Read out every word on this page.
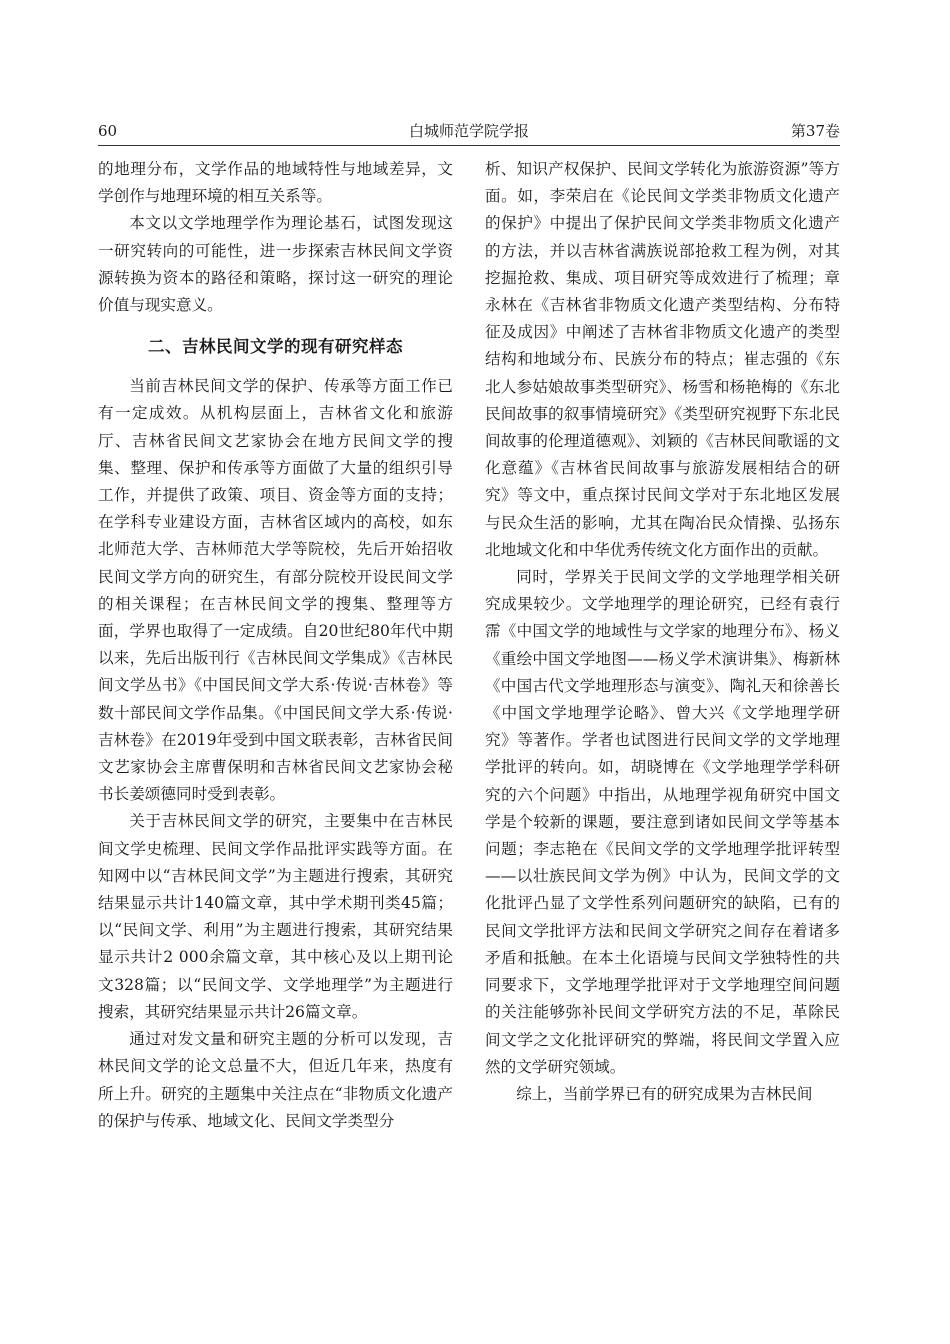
60	白城师范学院学报	第37卷

的地理分布，文学作品的地域特性与地域差异，文学创作与地理环境的相互关系等。

本文以文学地理学作为理论基石，试图发现这一研究转向的可能性，进一步探索吉林民间文学资源转换为资本的路径和策略，探讨这一研究的理论价值与现实意义。

二、吉林民间文学的现有研究样态

当前吉林民间文学的保护、传承等方面工作已有一定成效。从机构层面上，吉林省文化和旅游厅、吉林省民间文艺家协会在地方民间文学的搜集、整理、保护和传承等方面做了大量的组织引导工作，并提供了政策、项目、资金等方面的支持；在学科专业建设方面，吉林省区域内的高校，如东北师范大学、吉林师范大学等院校，先后开始招收民间文学方向的研究生，有部分院校开设民间文学的相关课程；在吉林民间文学的搜集、整理等方面，学界也取得了一定成绩。自20世纪80年代中期以来，先后出版刊行《吉林民间文学集成》《吉林民间文学丛书》《中国民间文学大系·传说·吉林卷》等数十部民间文学作品集。《中国民间文学大系·传说·吉林卷》在2019年受到中国文联表彰，吉林省民间文艺家协会主席曹保明和吉林省民间文艺家协会秘书长姜颂德同时受到表彰。

关于吉林民间文学的研究，主要集中在吉林民间文学史梳理、民间文学作品批评实践等方面。在知网中以“吉林民间文学”为主题进行搜索，其研究结果显示共计140篇文章，其中学术期刊类45篇；以“民间文学、利用”为主题进行搜索，其研究结果显示共计2 000余篇文章，其中核心及以上期刊论文328篇；以“民间文学、文学地理学”为主题进行搜索，其研究结果显示共计26篇文章。

通过对发文量和研究主题的分析可以发现，吉林民间文学的论文总量不大，但近几年来，热度有所上升。研究的主题集中关注点在“非物质文化遗产的保护与传承、地域文化、民间文学类型分

析、知识产权保护、民间文学转化为旅游资源”等方面。如，李荣启在《论民间文学类非物质文化遗产的保护》中提出了保护民间文学类非物质文化遗产的方法，并以吉林省满族说部抢救工程为例，对其挖掘抢救、集成、项目研究等成效进行了梳理；章永林在《吉林省非物质文化遗产类型结构、分布特征及成因》中阐述了吉林省非物质文化遗产的类型结构和地域分布、民族分布的特点；崔志强的《东北人参姑娘故事类型研究》、杨雪和杨艳梅的《东北民间故事的叙事情境研究》《类型研究视野下东北民间故事的伦理道德观》、刘颖的《吉林民间歌谣的文化意蕴》《吉林省民间故事与旅游发展相结合的研究》等文中，重点探讨民间文学对于东北地区发展与民众生活的影响，尤其在陶冶民众情操、弘扬东北地域文化和中华优秀传统文化方面作出的贡献。

同时，学界关于民间文学的文学地理学相关研究成果较少。文学地理学的理论研究，已经有袁行霈《中国文学的地域性与文学家的地理分布》、杨义《重绘中国文学地图——杨义学术演讲集》、梅新林《中国古代文学地理形态与演变》、陶礼天和徐善长《中国文学地理学论略》、曾大兴《文学地理学研究》等著作。学者也试图进行民间文学的文学地理学批评的转向。如，胡晓博在《文学地理学学科研究的六个问题》中指出，从地理学视角研究中国文学是个较新的课题，要注意到诸如民间文学等基本问题；李志艳在《民间文学的文学地理学批评转型——以壮族民间文学为例》中认为，民间文学的文化批评凸显了文学性系列问题研究的缺陷，已有的民间文学批评方法和民间文学研究之间存在着诸多矛盾和抵触。在本土化语境与民间文学独特性的共同要求下，文学地理学批评对于文学地理空间问题的关注能够弥补民间文学研究方法的不足，革除民间文学之文化批评研究的弊端，将民间文学置入应然的文学研究领域。

综上，当前学界已有的研究成果为吉林民间
